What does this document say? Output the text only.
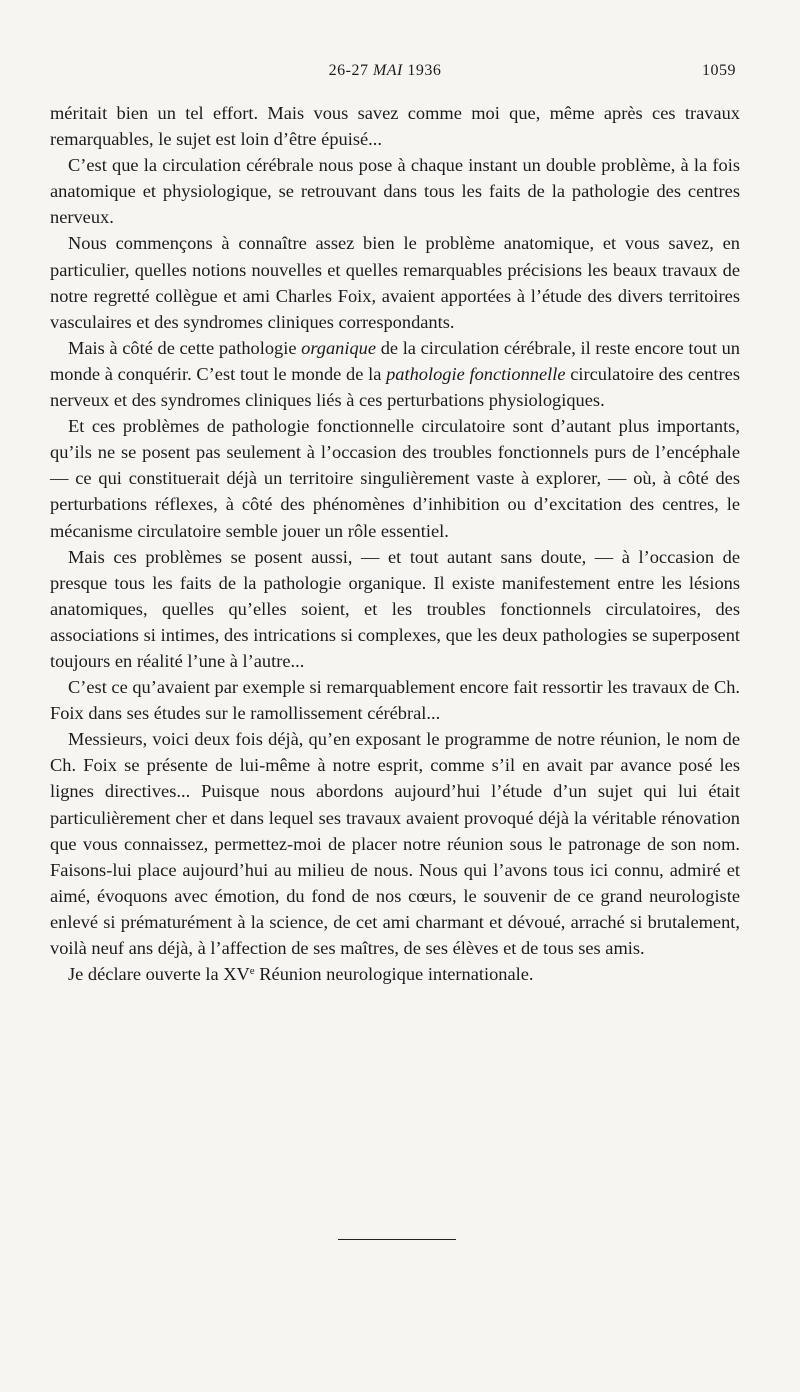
26-27 MAI 1936	1059

méritait bien un tel effort. Mais vous savez comme moi que, même après ces travaux remarquables, le sujet est loin d’être épuisé...

C’est que la circulation cérébrale nous pose à chaque instant un double problème, à la fois anatomique et physiologique, se retrouvant dans tous les faits de la pathologie des centres nerveux.

Nous commençons à connaître assez bien le problème anatomique, et vous savez, en particulier, quelles notions nouvelles et quelles remarquables précisions les beaux travaux de notre regretté collègue et ami Charles Foix, avaient apportées à l’étude des divers territoires vasculaires et des syndromes cliniques correspondants.

Mais à côté de cette pathologie organique de la circulation cérébrale, il reste encore tout un monde à conquérir. C’est tout le monde de la pathologie fonctionnelle circulatoire des centres nerveux et des syndromes cliniques liés à ces perturbations physiologiques.

Et ces problèmes de pathologie fonctionnelle circulatoire sont d’autant plus importants, qu’ils ne se posent pas seulement à l’occasion des troubles fonctionnels purs de l’encéphale — ce qui constituerait déjà un territoire singulièrement vaste à explorer, — où, à côté des perturbations réflexes, à côté des phénomènes d’inhibition ou d’excitation des centres, le mécanisme circulatoire semble jouer un rôle essentiel.

Mais ces problèmes se posent aussi, — et tout autant sans doute, — à l’occasion de presque tous les faits de la pathologie organique. Il existe manifestement entre les lésions anatomiques, quelles qu’elles soient, et les troubles fonctionnels circulatoires, des associations si intimes, des intrications si complexes, que les deux pathologies se superposent toujours en réalité l’une à l’autre...

C’est ce qu’avaient par exemple si remarquablement encore fait ressortir les travaux de Ch. Foix dans ses études sur le ramollissement cérébral...

Messieurs, voici deux fois déjà, qu’en exposant le programme de notre réunion, le nom de Ch. Foix se présente de lui-même à notre esprit, comme s’il en avait par avance posé les lignes directives... Puisque nous abordons aujourd’hui l’étude d’un sujet qui lui était particulièrement cher et dans lequel ses travaux avaient provoqué déjà la véritable rénovation que vous connaissez, permettez-moi de placer notre réunion sous le patronage de son nom. Faisons-lui place aujourd’hui au milieu de nous. Nous qui l’avons tous ici connu, admiré et aimé, évoquons avec émotion, du fond de nos cœurs, le souvenir de ce grand neurologiste enlevé si prématurément à la science, de cet ami charmant et dévoué, arraché si brutalement, voilà neuf ans déjà, à l’affection de ses maîtres, de ses élèves et de tous ses amis.

Je déclare ouverte la XVe Réunion neurologique internationale.
